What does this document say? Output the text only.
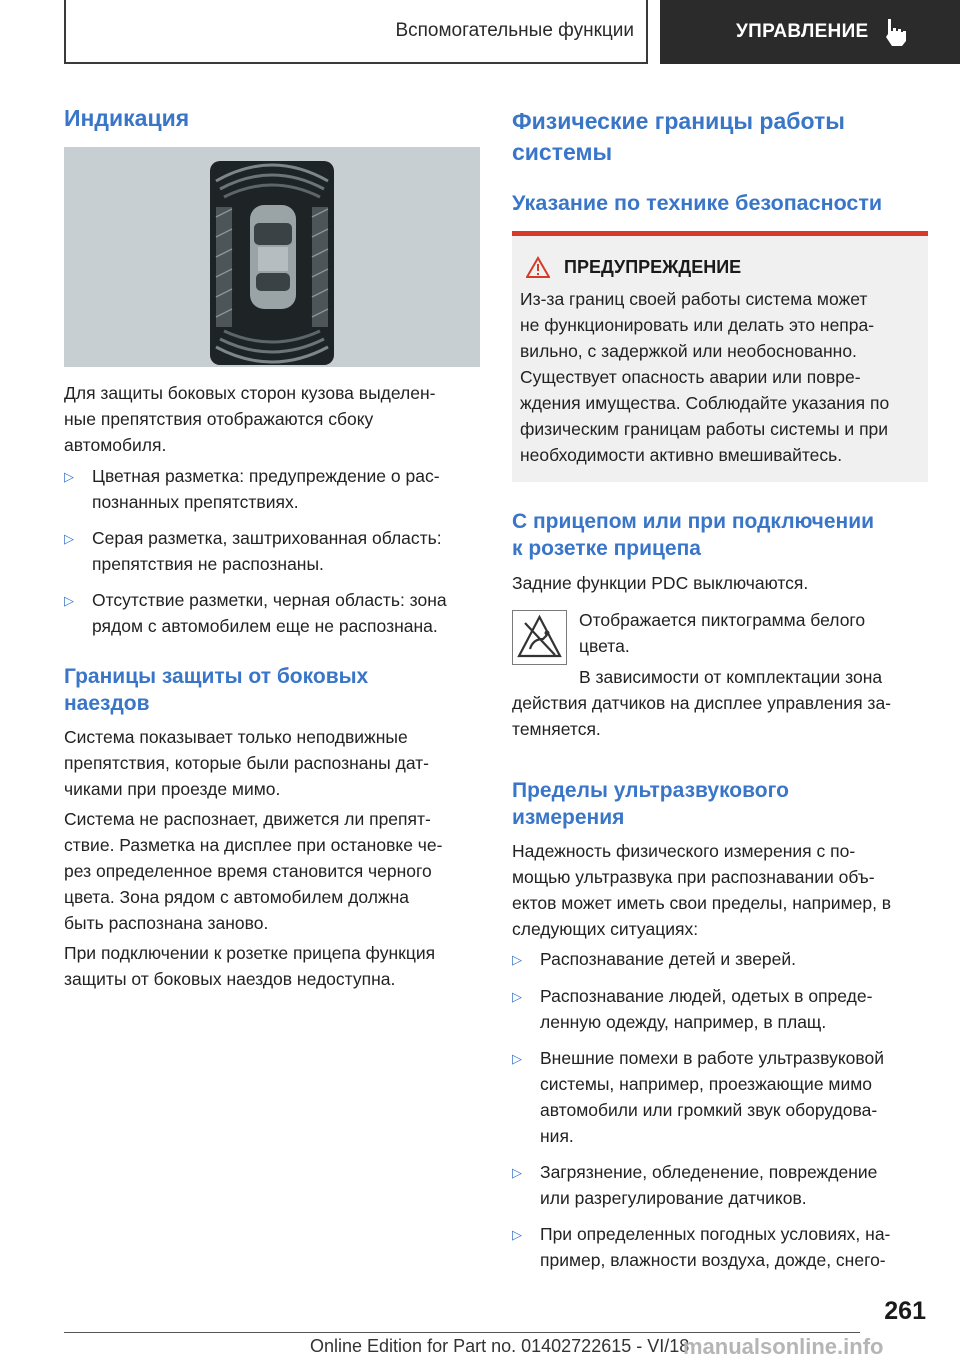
Вспомогательные функции	УПРАВЛЕНИЕ
Индикация

Для защиты боковых сторон кузова выделен-

ные препятствия отображаются сбоку

автомобиля.

▷	Цветная разметка: предупреждение о рас-
познанных препятствиях.
▷	Серая разметка, заштрихованная область:
препятствия не распознаны.
▷	Отсутствие разметки, черная область: зона
рядом с автомобилем еще не распознана.
Границы защиты от боковых
наездов

Система показывает только неподвижные

препятствия, которые были распознаны дат-

чиками при проезде мимо.

Система не распознает, движется ли препят-

ствие. Разметка на дисплее при остановке че-

рез определенное время становится черного

цвета. Зона рядом с автомобилем должна

быть распознана заново.

При подключении к розетке прицепа функция

защиты от боковых наездов недоступна.

Физические границы работы
системы
Указание по технике безопасности
ПРЕДУПРЕЖДЕНИЕ

Из-за границ своей работы система может

не функционировать или делать это непра-

вильно, с задержкой или необоснованно.

Существует опасность аварии или повре-

ждения имущества. Соблюдайте указания по

физическим границам работы системы и при

необходимости активно вмешивайтесь.

С прицепом или при подключении
к розетке прицепа

Задние функции PDC выключаются.

Отображается пиктограмма белого

цвета.

В зависимости от комплектации зона

действия датчиков на дисплее управления за-

темняется.

Пределы ультразвукового
измерения

Надежность физического измерения с по-

мощью ультразвука при распознавании объ-

ектов может иметь свои пределы, например, в

следующих ситуациях:

▷	Распознавание детей и зверей.
▷	Распознавание людей, одетых в опреде-
ленную одежду, например, в плащ.
▷	Внешние помехи в работе ультразвуковой
системы, например, проезжающие мимо
автомобили или громкий звук оборудова-
ния.
▷	Загрязнение, обледенение, повреждение
или разрегулирование датчиков.
▷	При определенных погодных условиях, на-
пример, влажности воздуха, дожде, снего-
261
Online Edition for Part no. 01402722615 - VI/18
manualsonline.info
